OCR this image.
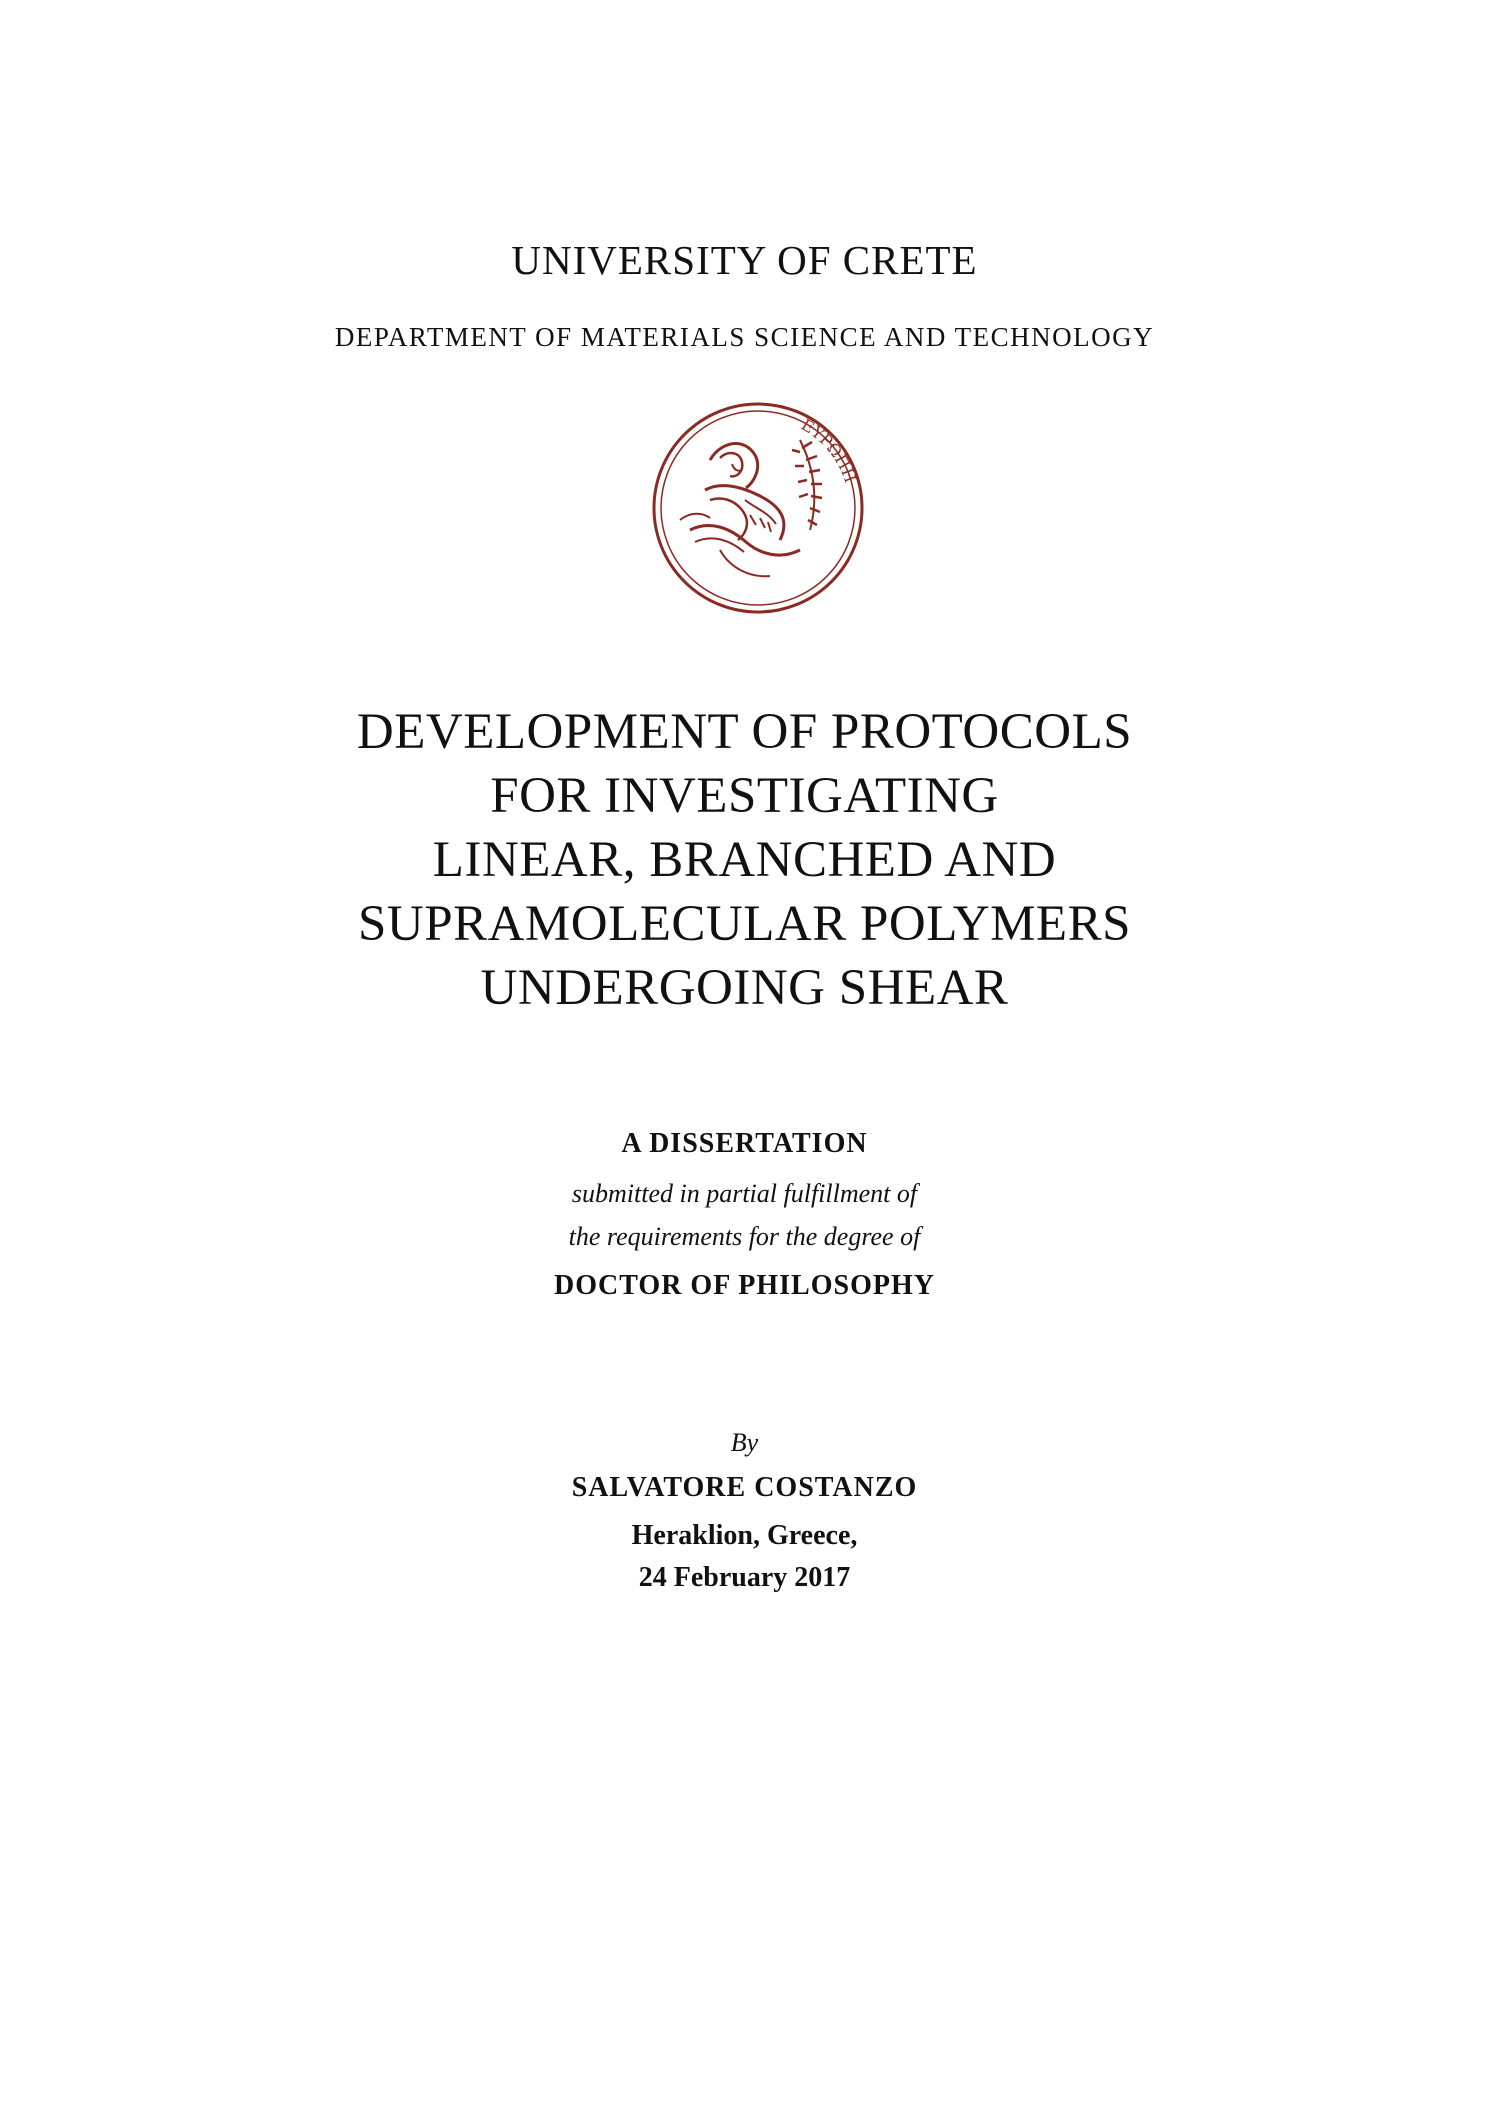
UNIVERSITY OF CRETE
DEPARTMENT OF MATERIALS SCIENCE AND TECHNOLOGY
ΕΥΡΩΠΗ
DEVELOPMENT OF PROTOCOLS
FOR INVESTIGATING
LINEAR, BRANCHED AND
SUPRAMOLECULAR POLYMERS
UNDERGOING SHEAR
A DISSERTATION
submitted in partial fulfillment of
the requirements for the degree of
DOCTOR OF PHILOSOPHY
By
SALVATORE COSTANZO
Heraklion, Greece,
24 February 2017
